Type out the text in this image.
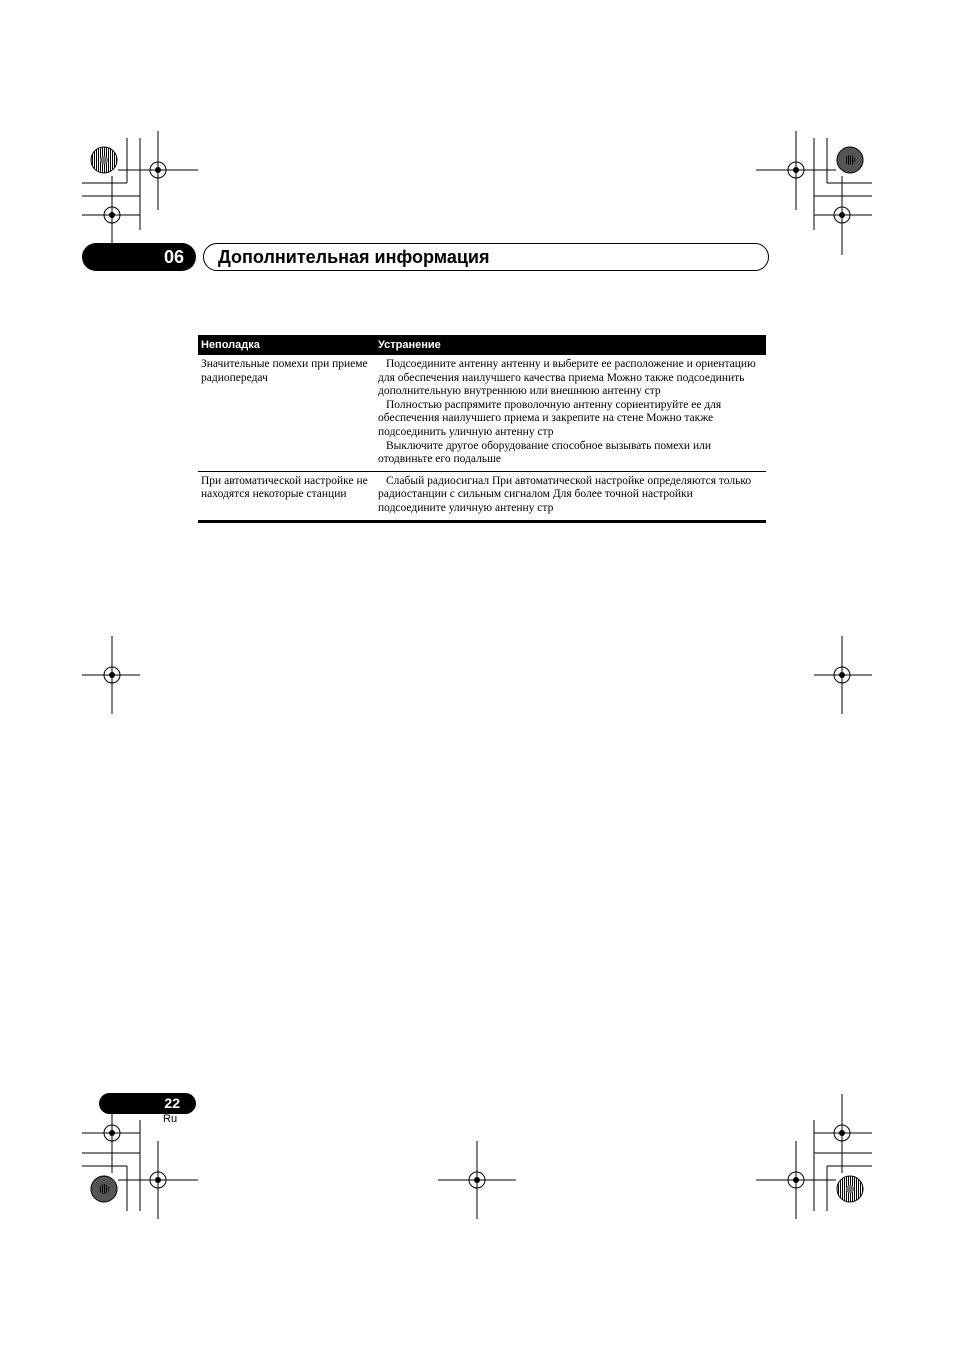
06 Дополнительная информация
Неполадка	Устранение
Значительные помехи при приеме радиопередач	Подсоедините антенну антенну и выберите ее расположение и ориентацию для обеспечения наилучшего качества приема Можно также подсоединить дополнительную внутреннюю или внешнюю антенну стр
Полностью распрямите проволочную антенну сориентируйте ее для обеспечения наилучшего приема и закрепите на стене Можно также подсоединить уличную антенну стр
Выключите другое оборудование способное вызывать помехи или отодвиньте его подальше

При автоматической настройке не находятся некоторые станции	Слабый радиосигнал При автоматической настройке определяются только радиостанции с сильным сигналом Для более точной настройки подсоедините уличную антенну стр
22
Ru
